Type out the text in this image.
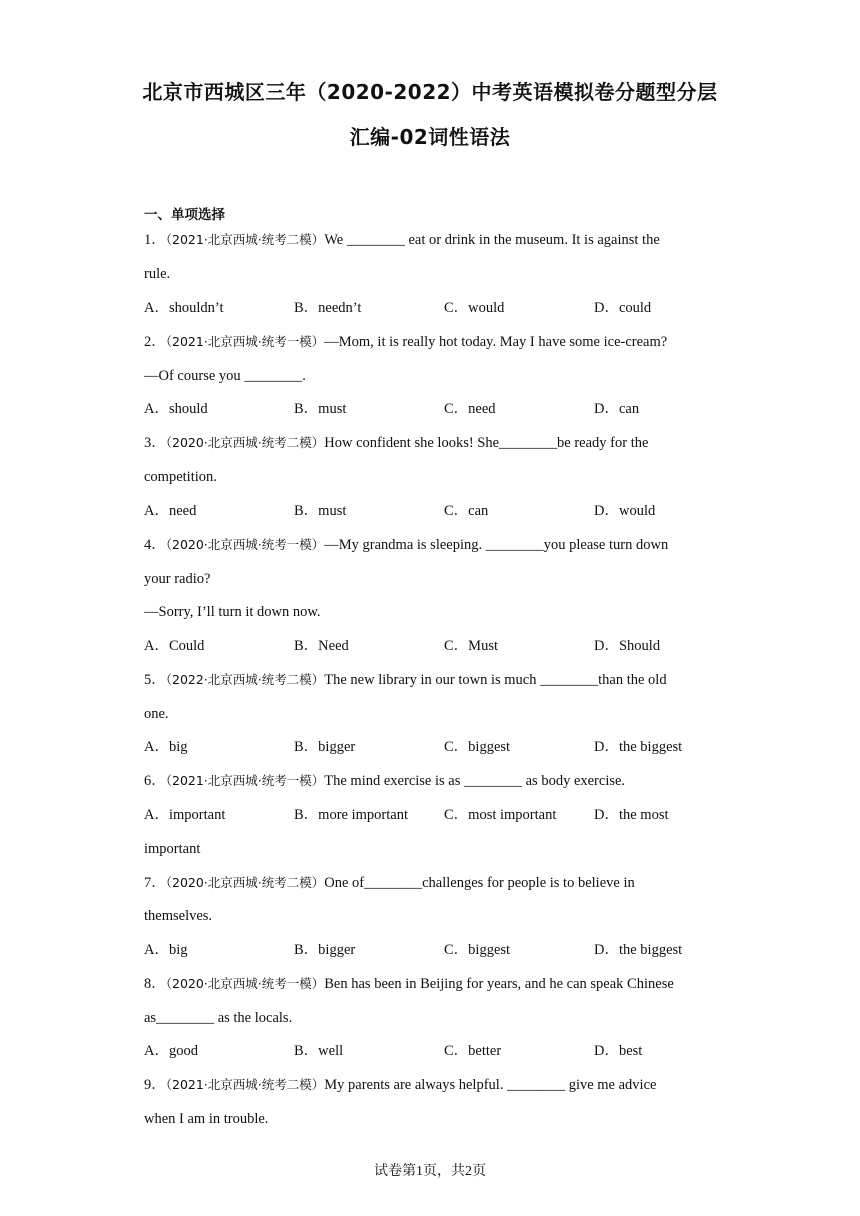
北京市西城区三年（2020-2022）中考英语模拟卷分题型分层
汇编-02词性语法
一、单项选择
1．（2021·北京西城·统考二模）We ________ eat or drink in the museum. It is against the
rule.
A．shouldn’t	B．needn’t	C．would	D．could
2．（2021·北京西城·统考一模）—Mom, it is really hot today. May I have some ice-cream?
—Of course you ________.
A．should	B．must	C．need	D．can
3．（2020·北京西城·统考二模）How confident she looks! She________be ready for the
competition.
A．need	B．must	C．can	D．would
4．（2020·北京西城·统考一模）—My grandma is sleeping. ________you please turn down
your radio?
—Sorry, I’ll turn it down now.
A．Could	B．Need	C．Must	D．Should
5．（2022·北京西城·统考二模）The new library in our town is much ________than the old
one.
A．big	B．bigger	C．biggest	D．the biggest
6．（2021·北京西城·统考一模）The mind exercise is as ________ as body exercise.
A．important	B．more important C．most important	D．the most
important
7．（2020·北京西城·统考二模）One of________challenges for people is to believe in
themselves.
A．big	B．bigger	C．biggest	D．the biggest
8．（2020·北京西城·统考一模）Ben has been in Beijing for years, and he can speak Chinese
as________ as the locals.
A．good	B．well	C．better	D．best
9．（2021·北京西城·统考二模）My parents are always helpful. ________ give me advice
when I am in trouble.
试卷第1页，共2页
